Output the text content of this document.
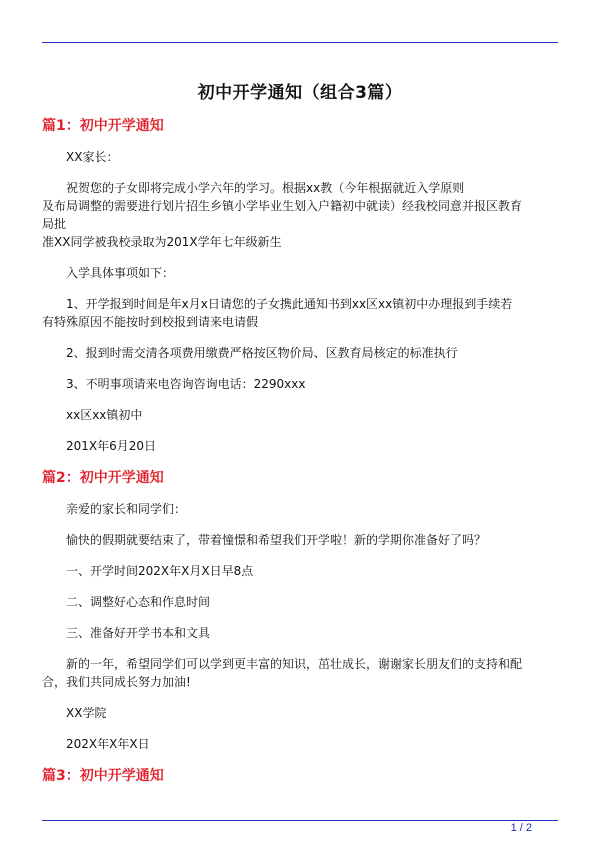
初中开学通知（组合3篇）
篇1：初中开学通知

XX家长：

祝贺您的子女即将完成小学六年的学习。根据xx教（今年根据就近入学原则
及布局调整的需要进行划片招生乡镇小学毕业生划入户籍初中就读）经我校同意并报区教育局批
准XX同学被我校录取为201X学年七年级新生

入学具体事项如下：

1、开学报到时间是年x月x日请您的子女携此通知书到xx区xx镇初中办理报到手续若有特殊原因不能按时到校报到请来电请假

2、报到时需交清各项费用缴费严格按区物价局、区教育局核定的标准执行

3、不明事项请来电咨询咨询电话：2290xxx

xx区xx镇初中

201X年6月20日

篇2：初中开学通知

亲爱的家长和同学们：

愉快的假期就要结束了，带着憧憬和希望我们开学啦！新的学期你准备好了吗？

一、开学时间202X年X月X日早8点

二、调整好心态和作息时间

三、准备好开学书本和文具

新的一年，希望同学们可以学到更丰富的知识，茁壮成长，谢谢家长朋友们的支持和配合，我们共同成长努力加油!

XX学院

202X年X年X日

篇3：初中开学通知
1 / 2
